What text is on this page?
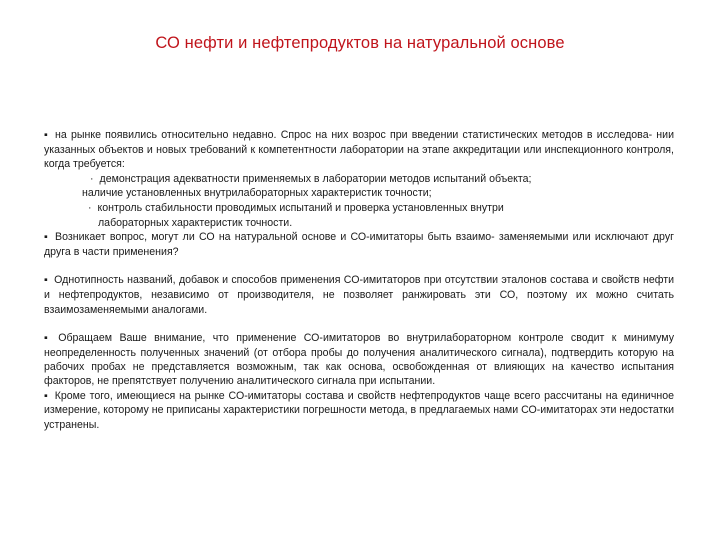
СО нефти и нефтепродуктов на натуральной основе

▪ на рынке появились относительно недавно. Спрос на них возрос при введении статистических методов в исследова- нии указанных объектов и новых требований к компетентности лаборатории на этапе аккредитации или инспекционного контроля, когда требуется:

· демонстрация адекватности применяемых в лаборатории методов испытаний объекта;

наличие установленных внутрилабораторных характеристик точности;

· контроль стабильности проводимых испытаний и проверка установленных внутри

лабораторных характеристик точности.

▪ Возникает вопрос, могут ли СО на натуральной основе и СО-имитаторы быть взаимо- заменяемыми или исключают друг друга в части применения?

▪ Однотипность названий, добавок и способов применения СО-имитаторов при отсутствии эталонов состава и свойств нефти и нефтепродуктов, независимо от производителя, не позволяет ранжировать эти СО, поэтому их можно считать взаимозаменяемыми аналогами.

▪ Обращаем Ваше внимание, что применение СО-имитаторов во внутрилабораторном контроле сводит к минимуму неопределенность полученных значений (от отбора пробы до получения аналитического сигнала), подтвердить которую на рабочих пробах не представляется возможным, так как основа, освобожденная от влияющих на качество испытания факторов, не препятствует получению аналитического сигнала при испытании.

▪ Кроме того, имеющиеся на рынке СО-имитаторы состава и свойств нефтепродуктов чаще всего рассчитаны на единичное измерение, которому не приписаны характеристики погрешности метода, в предлагаемых нами СО-имитаторах эти недостатки устранены.
